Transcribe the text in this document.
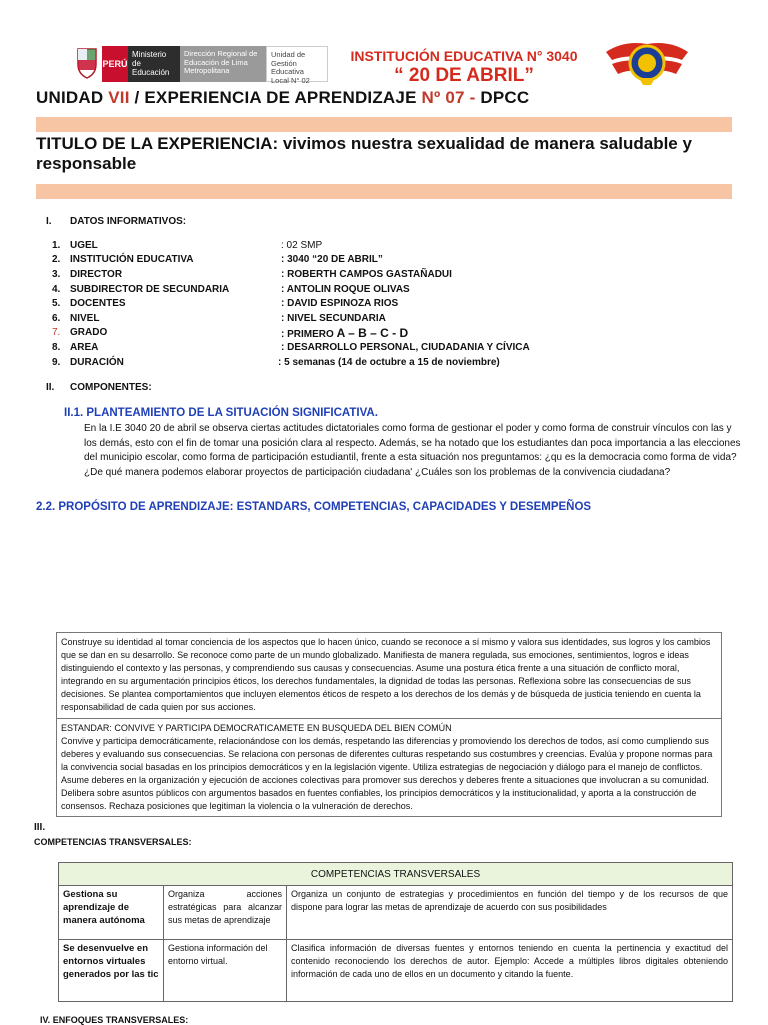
PERÚ
Ministerio de Educación
Dirección Regional de Educación de Lima Metropolitana
Unidad de Gestión Educativa Local N° 02
INSTITUCIÓN EDUCATIVA N° 3040
“ 20 DE ABRIL”
UNIDAD VII / EXPERIENCIA DE APRENDIZAJE Nº 07 - DPCC
TITULO DE LA EXPERIENCIA: vivimos nuestra sexualidad de manera saludable y responsable
I. DATOS INFORMATIVOS:
1. UGEL	: 02 SMP
2. INSTITUCIÓN EDUCATIVA	: 3040 “20 DE ABRIL”
3. DIRECTOR	: ROBERTH CAMPOS GASTAÑADUI
4. SUBDIRECTOR DE SECUNDARIA	: ANTOLIN ROQUE OLIVAS
5. DOCENTES	: DAVID ESPINOZA RIOS
6. NIVEL	: NIVEL SECUNDARIA
7. GRADO	: PRIMERO A – B – C - D
8. AREA	: DESARROLLO PERSONAL, CIUDADANIA Y CÍVICA
9. DURACIÓN	: 5 semanas (14 de octubre a 15 de noviembre)
II. COMPONENTES:
II.1. PLANTEAMIENTO DE LA SITUACIÓN SIGNIFICATIVA.
En la I.E 3040 20 de abril se observa ciertas actitudes dictatoriales como forma de gestionar el poder y como forma de construir vínculos con las y los demás, esto con el fin de tomar una posición clara al respecto. Además, se ha notado que los estudiantes dan poca importancia a las elecciones del municipio escolar, como forma de participación estudiantil, frente a esta situación nos preguntamos: ¿qu es la democracia como forma de vida? ¿De qué manera podemos elaborar proyectos de participación ciudadana' ¿Cuáles son los problemas de la convivencia ciudadana?
2.2. PROPÓSITO DE APRENDIZAJE: ESTANDARS, COMPETENCIAS, CAPACIDADES Y DESEMPEÑOS
Construye su identidad al tomar conciencia de los aspectos que lo hacen único, cuando se reconoce a sí mismo y valora sus identidades, sus logros y los cambios que se dan en su desarrollo. Se reconoce como parte de un mundo globalizado. Manifiesta de manera regulada, sus emociones, sentimientos, logros e ideas distinguiendo el contexto y las personas, y comprendiendo sus causas y consecuencias. Asume una postura ética frente a una situación de conflicto moral, integrando en su argumentación principios éticos, los derechos fundamentales, la dignidad de todas las personas. Reflexiona sobre las consecuencias de sus decisiones. Se plantea comportamientos que incluyen elementos éticos de respeto a los derechos de los demás y de búsqueda de justicia teniendo en cuenta la responsabilidad de cada quien por sus acciones.
ESTANDAR: CONVIVE Y PARTICIPA DEMOCRATICAMETE EN BUSQUEDA DEL BIEN COMÚN
Convive y participa democráticamente, relacionándose con los demás, respetando las diferencias y promoviendo los derechos de todos, así como cumpliendo sus deberes y evaluando sus consecuencias. Se relaciona con personas de diferentes culturas respetando sus costumbres y creencias. Evalúa y propone normas para la convivencia social basadas en los principios democráticos y en la legislación vigente. Utiliza estrategias de negociación y diálogo para el manejo de conflictos. Asume deberes en la organización y ejecución de acciones colectivas para promover sus derechos y deberes frente a situaciones que involucran a su comunidad. Delibera sobre asuntos públicos con argumentos basados en fuentes confiables, los principios democráticos y la institucionalidad, y aporta a la construcción de consensos. Rechaza posiciones que legitiman la violencia o la vulneración de derechos.
III.
COMPETENCIAS TRANSVERSALES:
COMPETENCIAS TRANSVERSALES		
Gestiona su aprendizaje de manera autónoma	Organiza acciones estratégicas para alcanzar sus metas de aprendizaje	Organiza un conjunto de estrategias y procedimientos en función del tiempo y de los recursos de que dispone para lograr las metas de aprendizaje de acuerdo con sus posibilidades
Se desenvuelve en entornos virtuales generados por las tic	Gestiona información del entorno virtual.	Clasifica información de diversas fuentes y entornos teniendo en cuenta la pertinencia y exactitud del contenido reconociendo los derechos de autor. Ejemplo: Accede a múltiples libros digitales obteniendo información de cada uno de ellos en un documento y citando la fuente.
IV. ENFOQUES TRANSVERSALES:
